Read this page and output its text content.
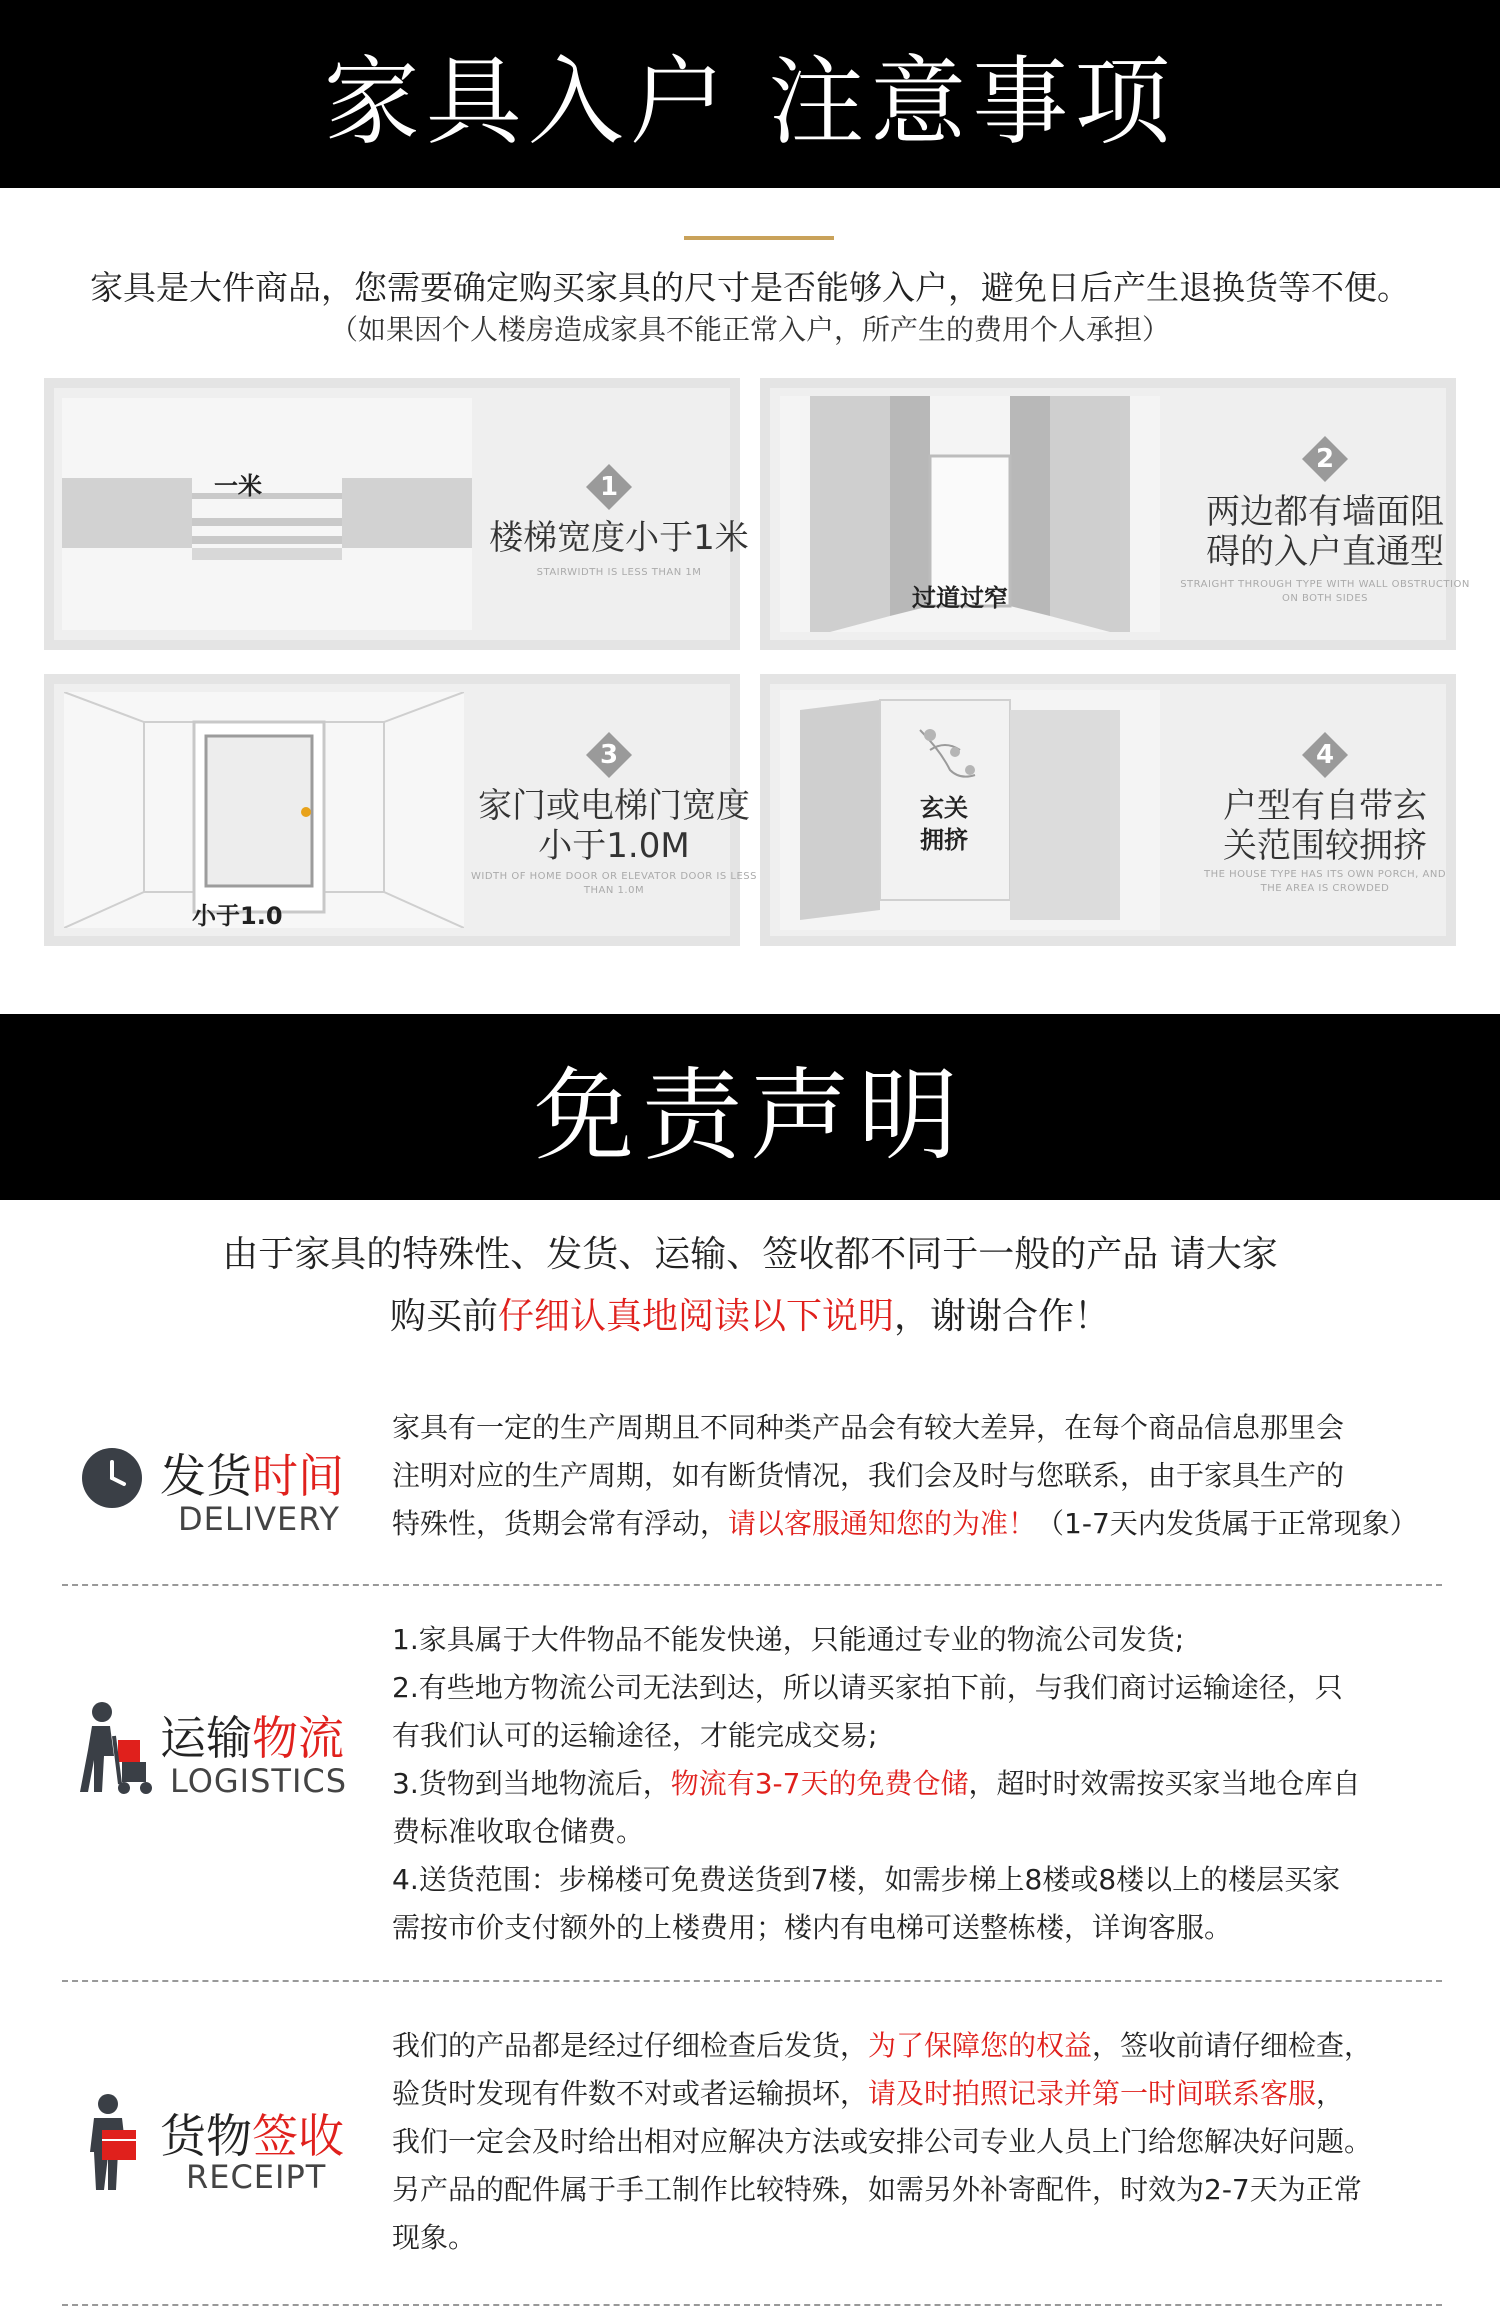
家具入户 注意事项
家具是大件商品，您需要确定购买家具的尺寸是否能够入户，避免日后产生退换货等不便。
（如果因个人楼房造成家具不能正常入户，所产生的费用个人承担）
一米	1
楼梯宽度小于1米
STAIRWIDTH IS LESS THAN 1M
过道过窄
2
两边都有墙面阻
碍的入户直通型
STRAIGHT THROUGH TYPE WITH WALL OBSTRUCTION
ON BOTH SIDES
小于1.0
3
家门或电梯门宽度
小于1.0M
WIDTH OF HOME DOOR OR ELEVATOR DOOR IS LESS
THAN 1.0M
玄关
拥挤
4
户型有自带玄
关范围较拥挤
THE HOUSE TYPE HAS ITS OWN PORCH, AND
THE AREA IS CROWDED
免责声明
由于家具的特殊性、发货、运输、签收都不同于一般的产品 请大家
购买前仔细认真地阅读以下说明，谢谢合作！
发货时间
DELIVERY
家具有一定的生产周期且不同种类产品会有较大差异，在每个商品信息那里会
注明对应的生产周期，如有断货情况，我们会及时与您联系，由于家具生产的
特殊性，货期会常有浮动，请以客服通知您的为准！（1-7天内发货属于正常现象）
运输物流
LOGISTICS
1.家具属于大件物品不能发快递，只能通过专业的物流公司发货;
2.有些地方物流公司无法到达，所以请买家拍下前，与我们商讨运输途径，只
有我们认可的运输途径，才能完成交易;
3.货物到当地物流后，物流有3-7天的免费仓储，超时时效需按买家当地仓库自
费标准收取仓储费。
4.送货范围：步梯楼可免费送货到7楼，如需步梯上8楼或8楼以上的楼层买家
需按市价支付额外的上楼费用；楼内有电梯可送整栋楼，详询客服。
货物签收
RECEIPT
我们的产品都是经过仔细检查后发货，为了保障您的权益，签收前请仔细检查，
验货时发现有件数不对或者运输损坏，请及时拍照记录并第一时间联系客服，
我们一定会及时给出相对应解决方法或安排公司专业人员上门给您解决好问题。
另产品的配件属于手工制作比较特殊，如需另外补寄配件，时效为2-7天为正常
现象。
